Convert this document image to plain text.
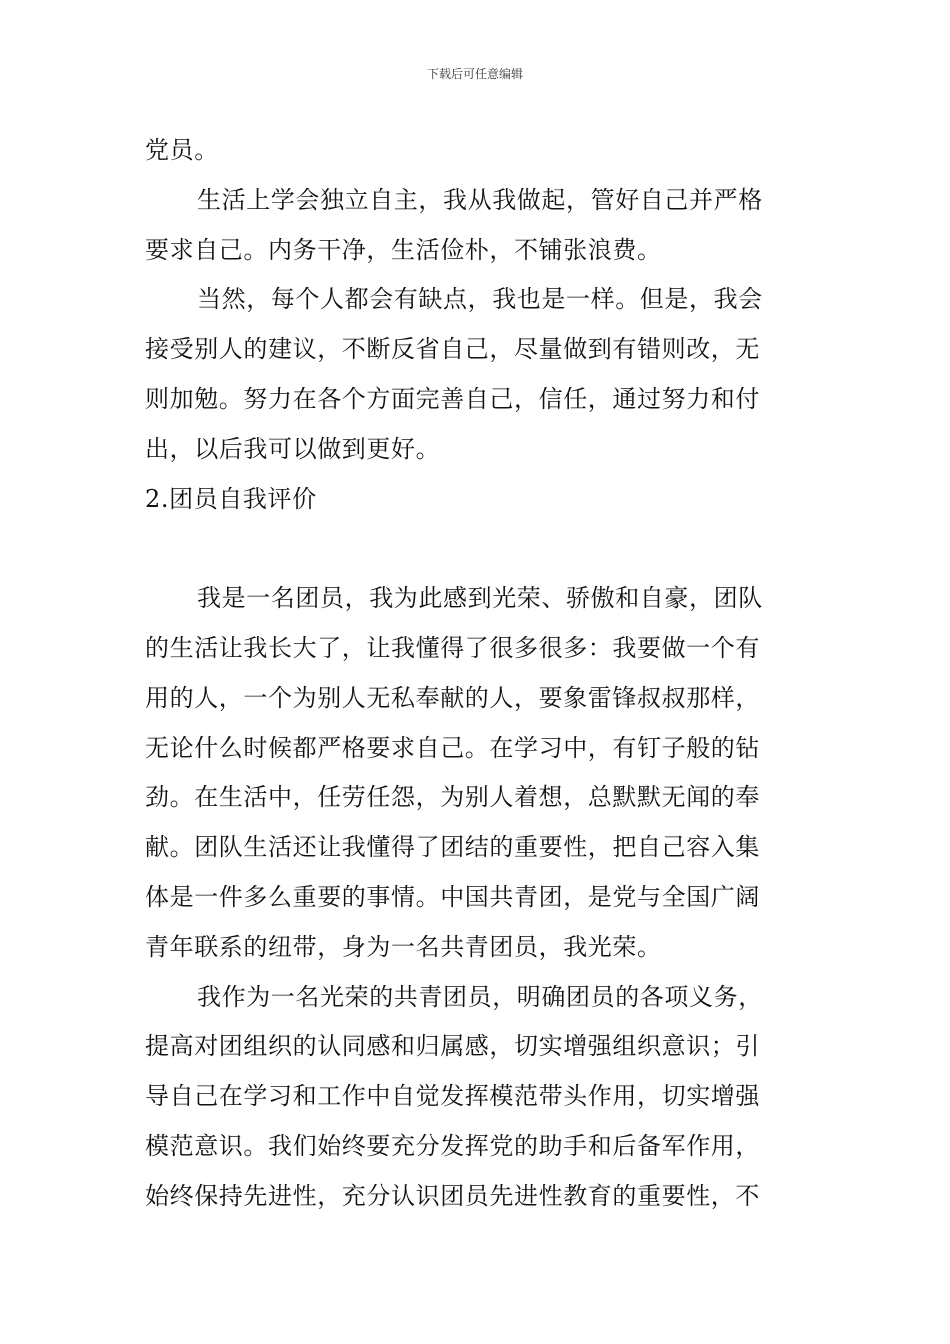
下载后可任意编辑
党员。
生活上学会独立自主，我从我做起，管好自己并严格
要求自己。内务干净，生活俭朴，不铺张浪费。
当然，每个人都会有缺点，我也是一样。但是，我会
接受别人的建议，不断反省自己，尽量做到有错则改，无
则加勉。努力在各个方面完善自己，信任，通过努力和付
出，以后我可以做到更好。
2.团员自我评价
我是一名团员，我为此感到光荣、骄傲和自豪，团队
的生活让我长大了，让我懂得了很多很多：我要做一个有
用的人，一个为别人无私奉献的人，要象雷锋叔叔那样，
无论什么时候都严格要求自己。在学习中，有钉子般的钻
劲。在生活中，任劳任怨，为别人着想，总默默无闻的奉
献。团队生活还让我懂得了团结的重要性，把自己容入集
体是一件多么重要的事情。中国共青团，是党与全国广阔
青年联系的纽带，身为一名共青团员，我光荣。
我作为一名光荣的共青团员，明确团员的各项义务，
提高对团组织的认同感和归属感，切实增强组织意识；引
导自己在学习和工作中自觉发挥模范带头作用，切实增强
模范意识。我们始终要充分发挥党的助手和后备军作用，
始终保持先进性，充分认识团员先进性教育的重要性，不
